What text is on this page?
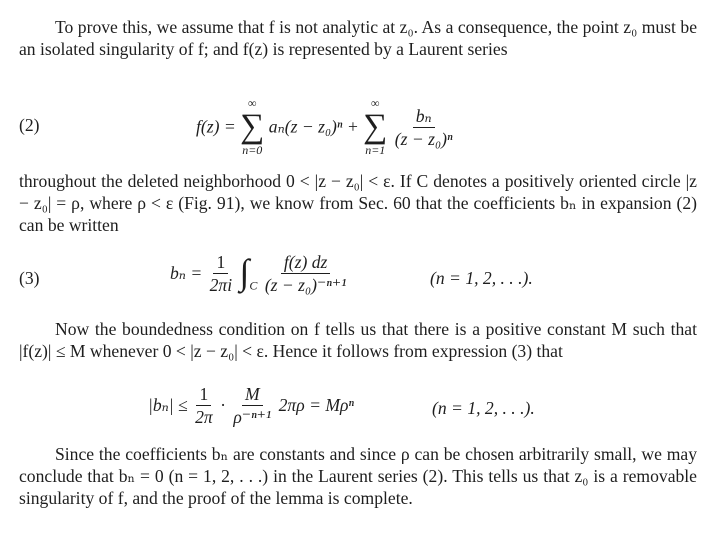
To prove this, we assume that f is not analytic at z₀. As a consequence, the point z₀ must be an isolated singularity of f; and f(z) is represented by a Laurent series

(2)	f(z) =
∞
∑
n=0
aₙ(z − z₀)ⁿ +
∞
∑
n=1

$\frac{\text{bₙ}}{\text{(z − z₀)ⁿ}}$

throughout the deleted neighborhood 0 < |z − z₀| < ε. If C denotes a positively oriented circle |z − z₀| = ρ, where ρ < ε (Fig. 91), we know from Sec. 60 that the coefficients bₙ in expansion (2) can be written

(3)	$b_n = \frac{1}{2\pi i} \int_C \frac{f(z) dz}{\text{(z − z₀)⁻ⁿ⁺¹}}$	(n = 1, 2, . . .).

Now the boundedness condition on f tells us that there is a positive constant M such that |f(z)| ≤ M whenever 0 < |z − z₀| < ε. Hence it follows from expression (3) that

$|b_n| \le \frac{1}{2\pi} \cdot \frac{M}{\text{ρ⁻ⁿ⁺¹}} 2\pi\rho = M\rho^n$	(n = 1, 2, . . .).

Since the coefficients bₙ are constants and since ρ can be chosen arbitrarily small, we may conclude that bₙ = 0 (n = 1, 2, . . .) in the Laurent series (2). This tells us that z₀ is a removable singularity of f, and the proof of the lemma is complete.
